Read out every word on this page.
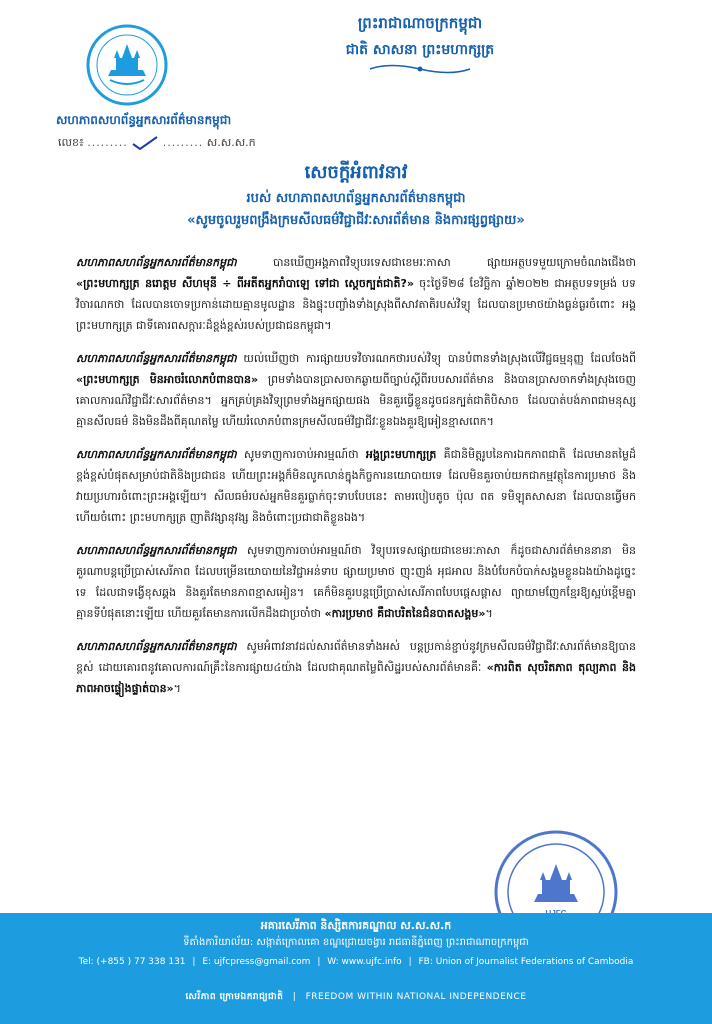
សហភាពសហព័ន្ធអ្នកសារព័ត៌មានកម្ពុជា
លេខ៖ .........	......... ស.ស.ស.ក
ព្រះរាជាណាចក្រកម្ពុជា
ជាតិ សាសនា ព្រះមហាក្សត្រ
សេចក្តីអំពាវនាវ
របស់ សហភាពសហព័ន្ធអ្នកសារព័ត៌មានកម្ពុជា
«សូមចូលរួមពង្រឹងក្រមសីលធម៌វិជ្ជាជីវៈសារព័ត៌មាន និងការផ្សព្វផ្សាយ»

សហភាពសហព័ន្ធអ្នកសារព័ត៌មានកម្ពុជា បានឃើញអង្គភាពវិទ្យុបរទេសជាខេមរៈភាសា ផ្សាយអត្ថបទមួយក្រោមចំណងជើងថា «ព្រះមហាក្សត្រ នរោត្តម សីហមុនី ÷ ពីអតីតអ្នករាំបាឡេ ទៅជា ស្ដេចក្បត់ជាតិ?» ចុះថ្ងៃទី២៨ ខែវិច្ឆិកា ឆ្នាំ២០២២ ជាអត្ថបទទម្រង់ បទវិចារណកថា ដែលបានចោទប្រកាន់ដោយគ្មានមូលដ្ឋាន និងផ្ទុះបញ្ចាំងទាំងស្រុងពីសាវតាតិរបស់វិទ្យុ ដែលបានប្រមាថយ៉ាងធ្ងន់ធ្ងរចំពោះ អង្គព្រះមហាក្សត្រ ជាទីគោរពសក្ការៈដ៏ខ្ពង់ខ្ពស់របស់ប្រជាជនកម្ពុជា។

សហភាពសហព័ន្ធអ្នកសារព័ត៌មានកម្ពុជា យល់ឃើញថា ការផ្សាយបទវិចារណកថារបស់វិទ្យុ បានបំពានទាំងស្រុងលើវិជ្ជធម្មនុញ្ញ ដែលចែងពី «ព្រះមហាក្សត្រ មិនអាចរំលោភបំពានបាន» ព្រមទាំងបានប្រាសចាកឆ្ងាយពីច្បាប់ស្ដីពីរបបសារព័ត៌មាន និងបានប្រាសចាកទាំងស្រុងចេញគោលការណ៍វិជ្ជាជីវៈសារព័ត៌មាន។ អ្នកគ្រប់គ្រងវិទ្យុព្រមទាំងអ្នកផ្សាយផង មិនគួរធ្វើខ្លួនដូចជនក្បត់ជាតិបិសាច ដែលបាត់បង់ភាពជាមនុស្ស គ្មានសីលធម៌ និងមិនដឹងពីគុណតម្លៃ ហើយរំលោភបំពានក្រមសីលធម៌វិជ្ជាជីវៈខ្លួនឯងគួរឱ្យអៀនខ្មាសពេក។

សហភាពសហព័ន្ធអ្នកសារព័ត៌មានកម្ពុជា សូមទាញការចាប់អារម្មណ៍ថា អង្គព្រះមហាក្សត្រ គឺជានិមិត្តរូបនៃការឯកភាពជាតិ ដែលមានតម្លៃដ៏ខ្ពង់ខ្ពស់បំផុតសម្រាប់ជាតិនិងប្រជាជន ហើយព្រះអង្គក៏មិនលូកលាន់ក្នុងកិច្ចការនយោបាយទេ ដែលមិនគួរចាប់យកជាកម្មវត្ថុនៃការប្រមាថ និងវាយប្រហារចំពោះព្រះអង្គឡើយ។ សីលធម៌របស់អ្នកមិនគួរធ្លាក់ចុះទាបបែបនេះ តាមរបៀបតូច ប៉ុល ពត ទមិឡុតសាសនា ដែលបានធ្វើមកហើយចំពោះ ព្រះមហាក្សត្រ ញាតិវង្សានុវង្ស និងចំពោះប្រជាជាតិខ្លួនឯង។

សហភាពសហព័ន្ធអ្នកសារព័ត៌មានកម្ពុជា សូមទាញការចាប់អារម្មណ៍ថា វិទ្យុបរទេសផ្សាយជាខេមរៈភាសា ក៏ដូចជាសារព័ត៌មាននានា មិនគួរណាបន្តប្រើប្រាស់សេរីភាព ដែលបម្រើនយោបាយនៃវិជ្ជាអន់ទាប ផ្សាយប្រមាថ ញុះញង់ អុជអាល និងបំបែកបំបាក់សង្គមខ្លួនឯងយ៉ាងដូច្នេះទេ ដែលជាទង្វើខុសឆ្គង និងគួរតែមានភាពខ្មាសអៀន។ គេក៏មិនគួរបន្តប្រើប្រាស់សេរីភាពបែបផ្ដេសផ្ដាស ព្យាយាមញែកខ្មែរឱ្យស្អប់ខ្ពើមគ្នាគ្មានទីបំផុតនោះឡើយ ហើយគួរតែមានការលើកដឹងជាប្រចាំថា «ការប្រមាថ គឺជាបរិតនៃជំនបាតសង្គម»។

សហភាពសហព័ន្ធអ្នកសារព័ត៌មានកម្ពុជា សូមអំពាវនាវដល់សារព័ត៌មានទាំងអស់ បន្តប្រកាន់ខ្ជាប់នូវក្រមសីលធម៌វិជ្ជាជីវៈសារព័ត៌មានឱ្យបានខ្ពស់ ដោយគោរពនូវគោលការណ៍គ្រឹះនៃការផ្សាយ៤យ៉ាង ដែលជាគុណតម្លៃពិសិដ្ឋរបស់សារព័ត៌មានគឺៈ «ការពិត សុចរិតភាព តុល្យភាព និងភាពអាចផ្ទៀងផ្ទាត់បាន»។

អគារសេរីភាព និស្សិតការគណ្ឌាល ស.ស.ស.ក
ទីតាំងការិយាល័យ: សង្កាត់ក្រោលគោ ខណ្ឌជ្រោយចង្វារ រាជធានីភ្នំពេញ ព្រះរាជាណាចក្រកម្ពុជា
Tel: (+855 ) 77 338 131 | E: ujfcpress@gmail.com | W: www.ujfc.info | FB: Union of Journalist Federations of Cambodia
សេរីភាព ក្រោមឯករាជ្យជាតិ | FREEDOM WITHIN NATIONAL INDEPENDENCE
